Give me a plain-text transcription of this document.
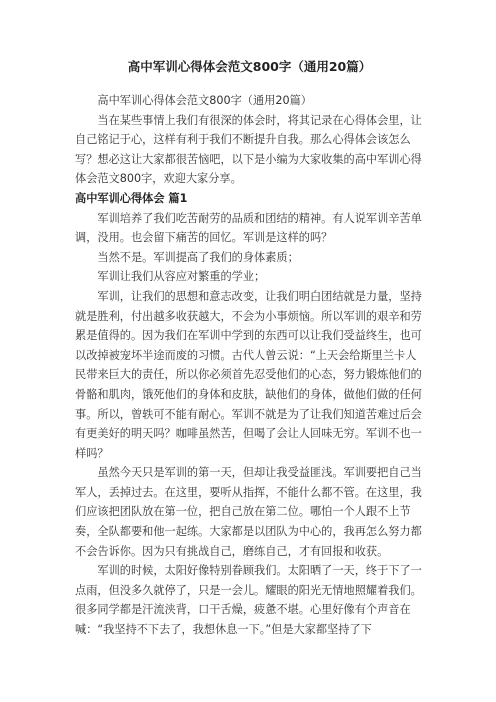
高中军训心得体会范文800字（通用20篇）

高中军训心得体会范文800字（通用20篇）

当在某些事情上我们有很深的体会时，将其记录在心得体会里，让自己铭记于心，这样有利于我们不断提升自我。那么心得体会该怎么写？想必这让大家都很苦恼吧，以下是小编为大家收集的高中军训心得体会范文800字，欢迎大家分享。

高中军训心得体会 篇1

军训培养了我们吃苦耐劳的品质和团结的精神。有人说军训辛苦单调，没用。也会留下痛苦的回忆。军训是这样的吗？

当然不是。军训提高了我们的身体素质；

军训让我们从容应对繁重的学业；

军训，让我们的思想和意志改变，让我们明白团结就是力量，坚持就是胜利，付出越多收获越大，不会为小事烦恼。所以军训的艰辛和劳累是值得的。因为我们在军训中学到的东西可以让我们受益终生，也可以改掉被宠坏半途而废的习惯。古代人曾云说：“上天会给斯里兰卡人民带来巨大的责任，所以你必须首先忍受他们的心态，努力锻炼他们的骨骼和肌肉，饿死他们的身体和皮肤，缺他们的身体，做他们做的任何事。所以，曾轶可不能有耐心。军训不就是为了让我们知道苦难过后会有更美好的明天吗？咖啡虽然苦，但喝了会让人回味无穷。军训不也一样吗？

虽然今天只是军训的第一天，但却让我受益匪浅。军训要把自己当军人，丢掉过去。在这里，要听从指挥，不能什么都不管。在这里，我们应该把团队放在第一位，把自己放在第二位。哪怕一个人跟不上节奏，全队都要和他一起练。大家都是以团队为中心的，我再怎么努力都不会告诉你。因为只有挑战自己，磨练自己，才有回报和收获。

军训的时候，太阳好像特别眷顾我们。太阳晒了一天，终于下了一点雨，但没多久就停了，只是一会儿。耀眼的阳光无情地照耀着我们。很多同学都是汗流浃背，口干舌燥，疲惫不堪。心里好像有个声音在喊：“我坚持不下去了，我想休息一下。”但是大家都坚持了下
